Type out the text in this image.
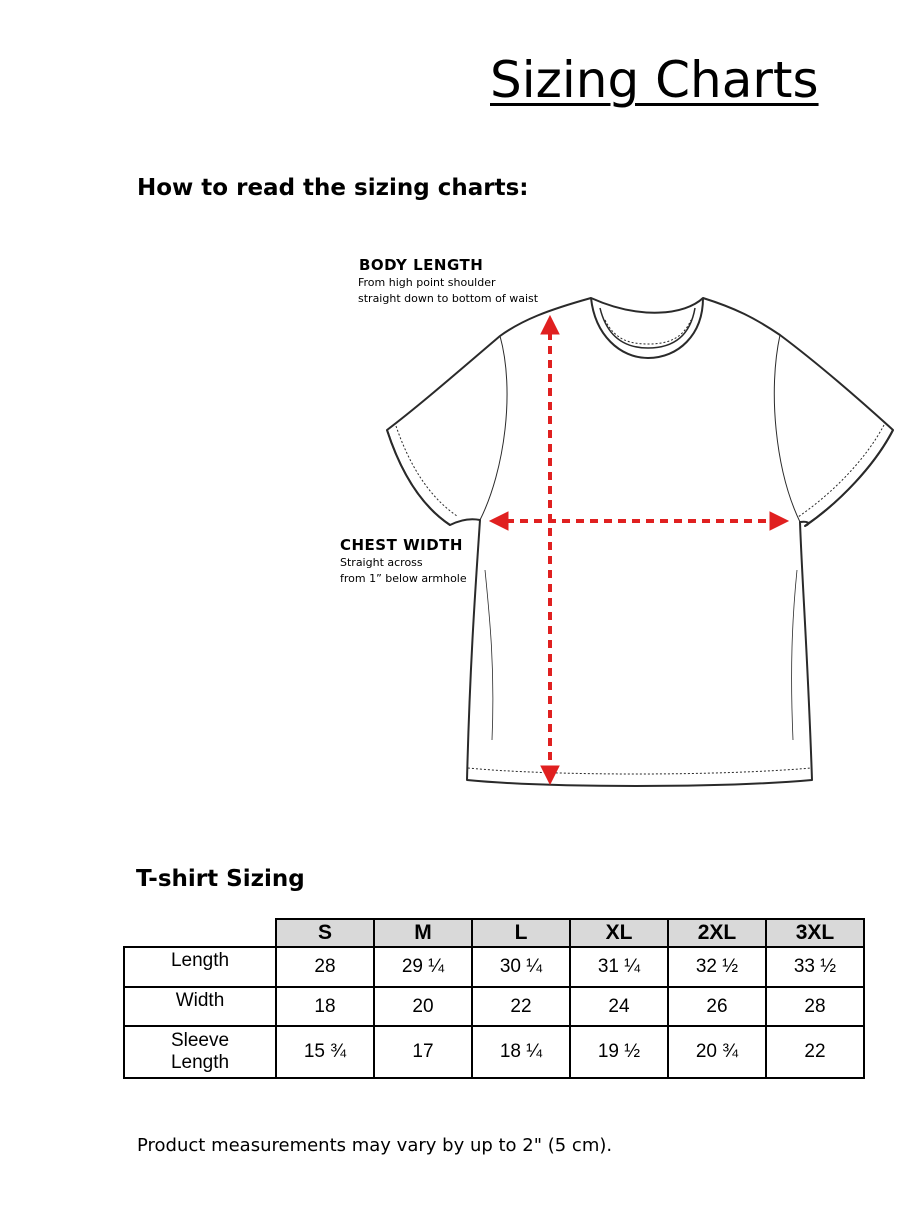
Sizing Charts
How to read the sizing charts:
BODY LENGTH
From high point shoulder
straight down to bottom of waist
CHEST WIDTH
Straight across
from 1” below armhole
T-shirt Sizing
	S	M	L	XL	2XL	3XL
Length	28	29 ¼	30 ¼	31 ¼	32 ½	33 ½
Width	18	20	22	24	26	28

Sleeve
Length	15 ¾	17	18 ¼	19 ½	20 ¾	22
Product measurements may vary by up to 2" (5 cm).
